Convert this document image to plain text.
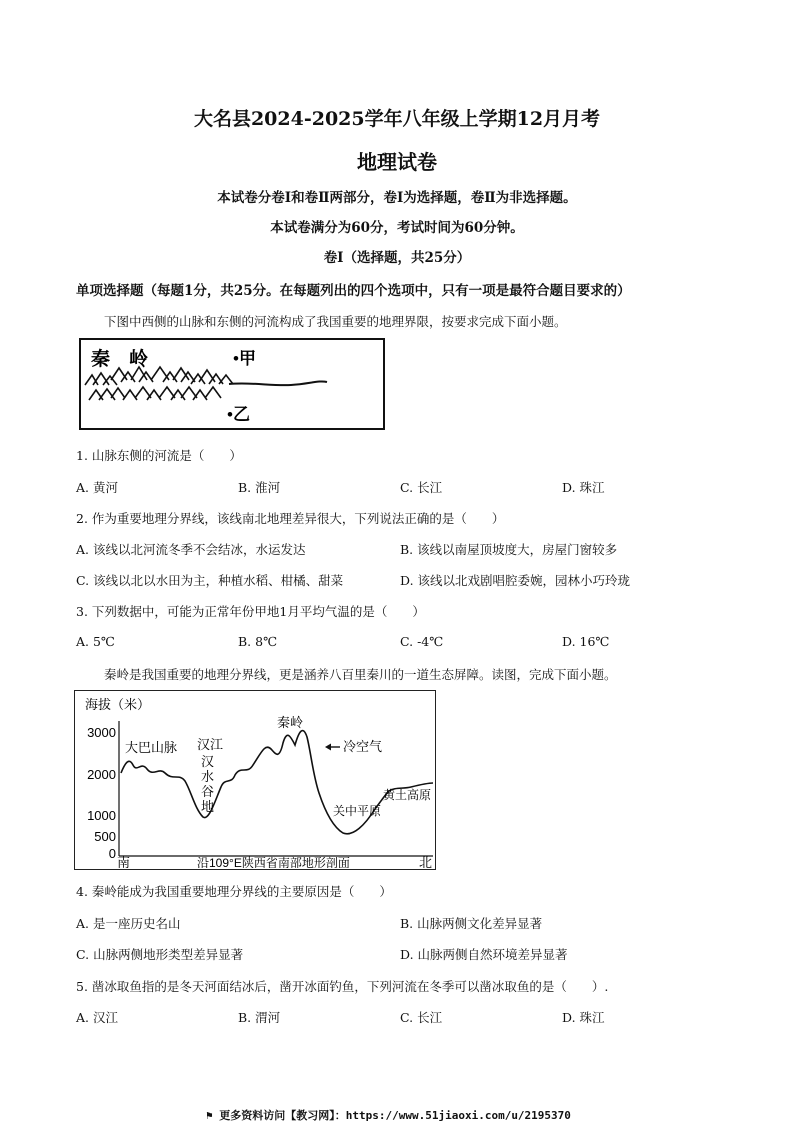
大名县2024-2025学年八年级上学期12月月考
地理试卷
本试卷分卷Ⅰ和卷Ⅱ两部分，卷Ⅰ为选择题，卷Ⅱ为非选择题。
本试卷满分为60分，考试时间为60分钟。
卷Ⅰ（选择题，共25分）
单项选择题（每题1分，共25分。在每题列出的四个选项中，只有一项是最符合题目要求的）
下图中西侧的山脉和东侧的河流构成了我国重要的地理界限，按要求完成下面小题。
秦　岭	•甲
•乙
1. 山脉东侧的河流是（　　）
A. 黄河	B. 淮河	C. 长江	D. 珠江
2. 作为重要地理分界线，该线南北地理差异很大，下列说法正确的是（　　）
A. 该线以北河流冬季不会结冰，水运发达	B. 该线以南屋顶坡度大，房屋门窗较多
C. 该线以北以水田为主，种植水稻、柑橘、甜菜	D. 该线以北戏剧唱腔委婉，园林小巧玲珑
3. 下列数据中，可能为正常年份甲地1月平均气温的是（　　）
A. 5℃	B. 8℃	C. -4℃	D. 16℃
秦岭是我国重要的地理分界线，更是涵养八百里秦川的一道生态屏障。读图，完成下面小题。
海拔（米）
3000
2000
1000
500
0
大巴山脉 汉江
汉
水
谷
地
秦岭
冷空气
关中平原
黄土高原
南	北
沿109°E陕西省南部地形剖面
4. 秦岭能成为我国重要地理分界线的主要原因是（　　）
A. 是一座历史名山	B. 山脉两侧文化差异显著
C. 山脉两侧地形类型差异显著	D. 山脉两侧自然环境差异显著
5. 凿冰取鱼指的是冬天河面结冰后，凿开冰面钓鱼，下列河流在冬季可以凿冰取鱼的是（　　）.
A. 汉江	B. 渭河	C. 长江	D. 珠江
⚑ 更多资料访问【教习网】：https://www.51jiaoxi.com/u/2195370
